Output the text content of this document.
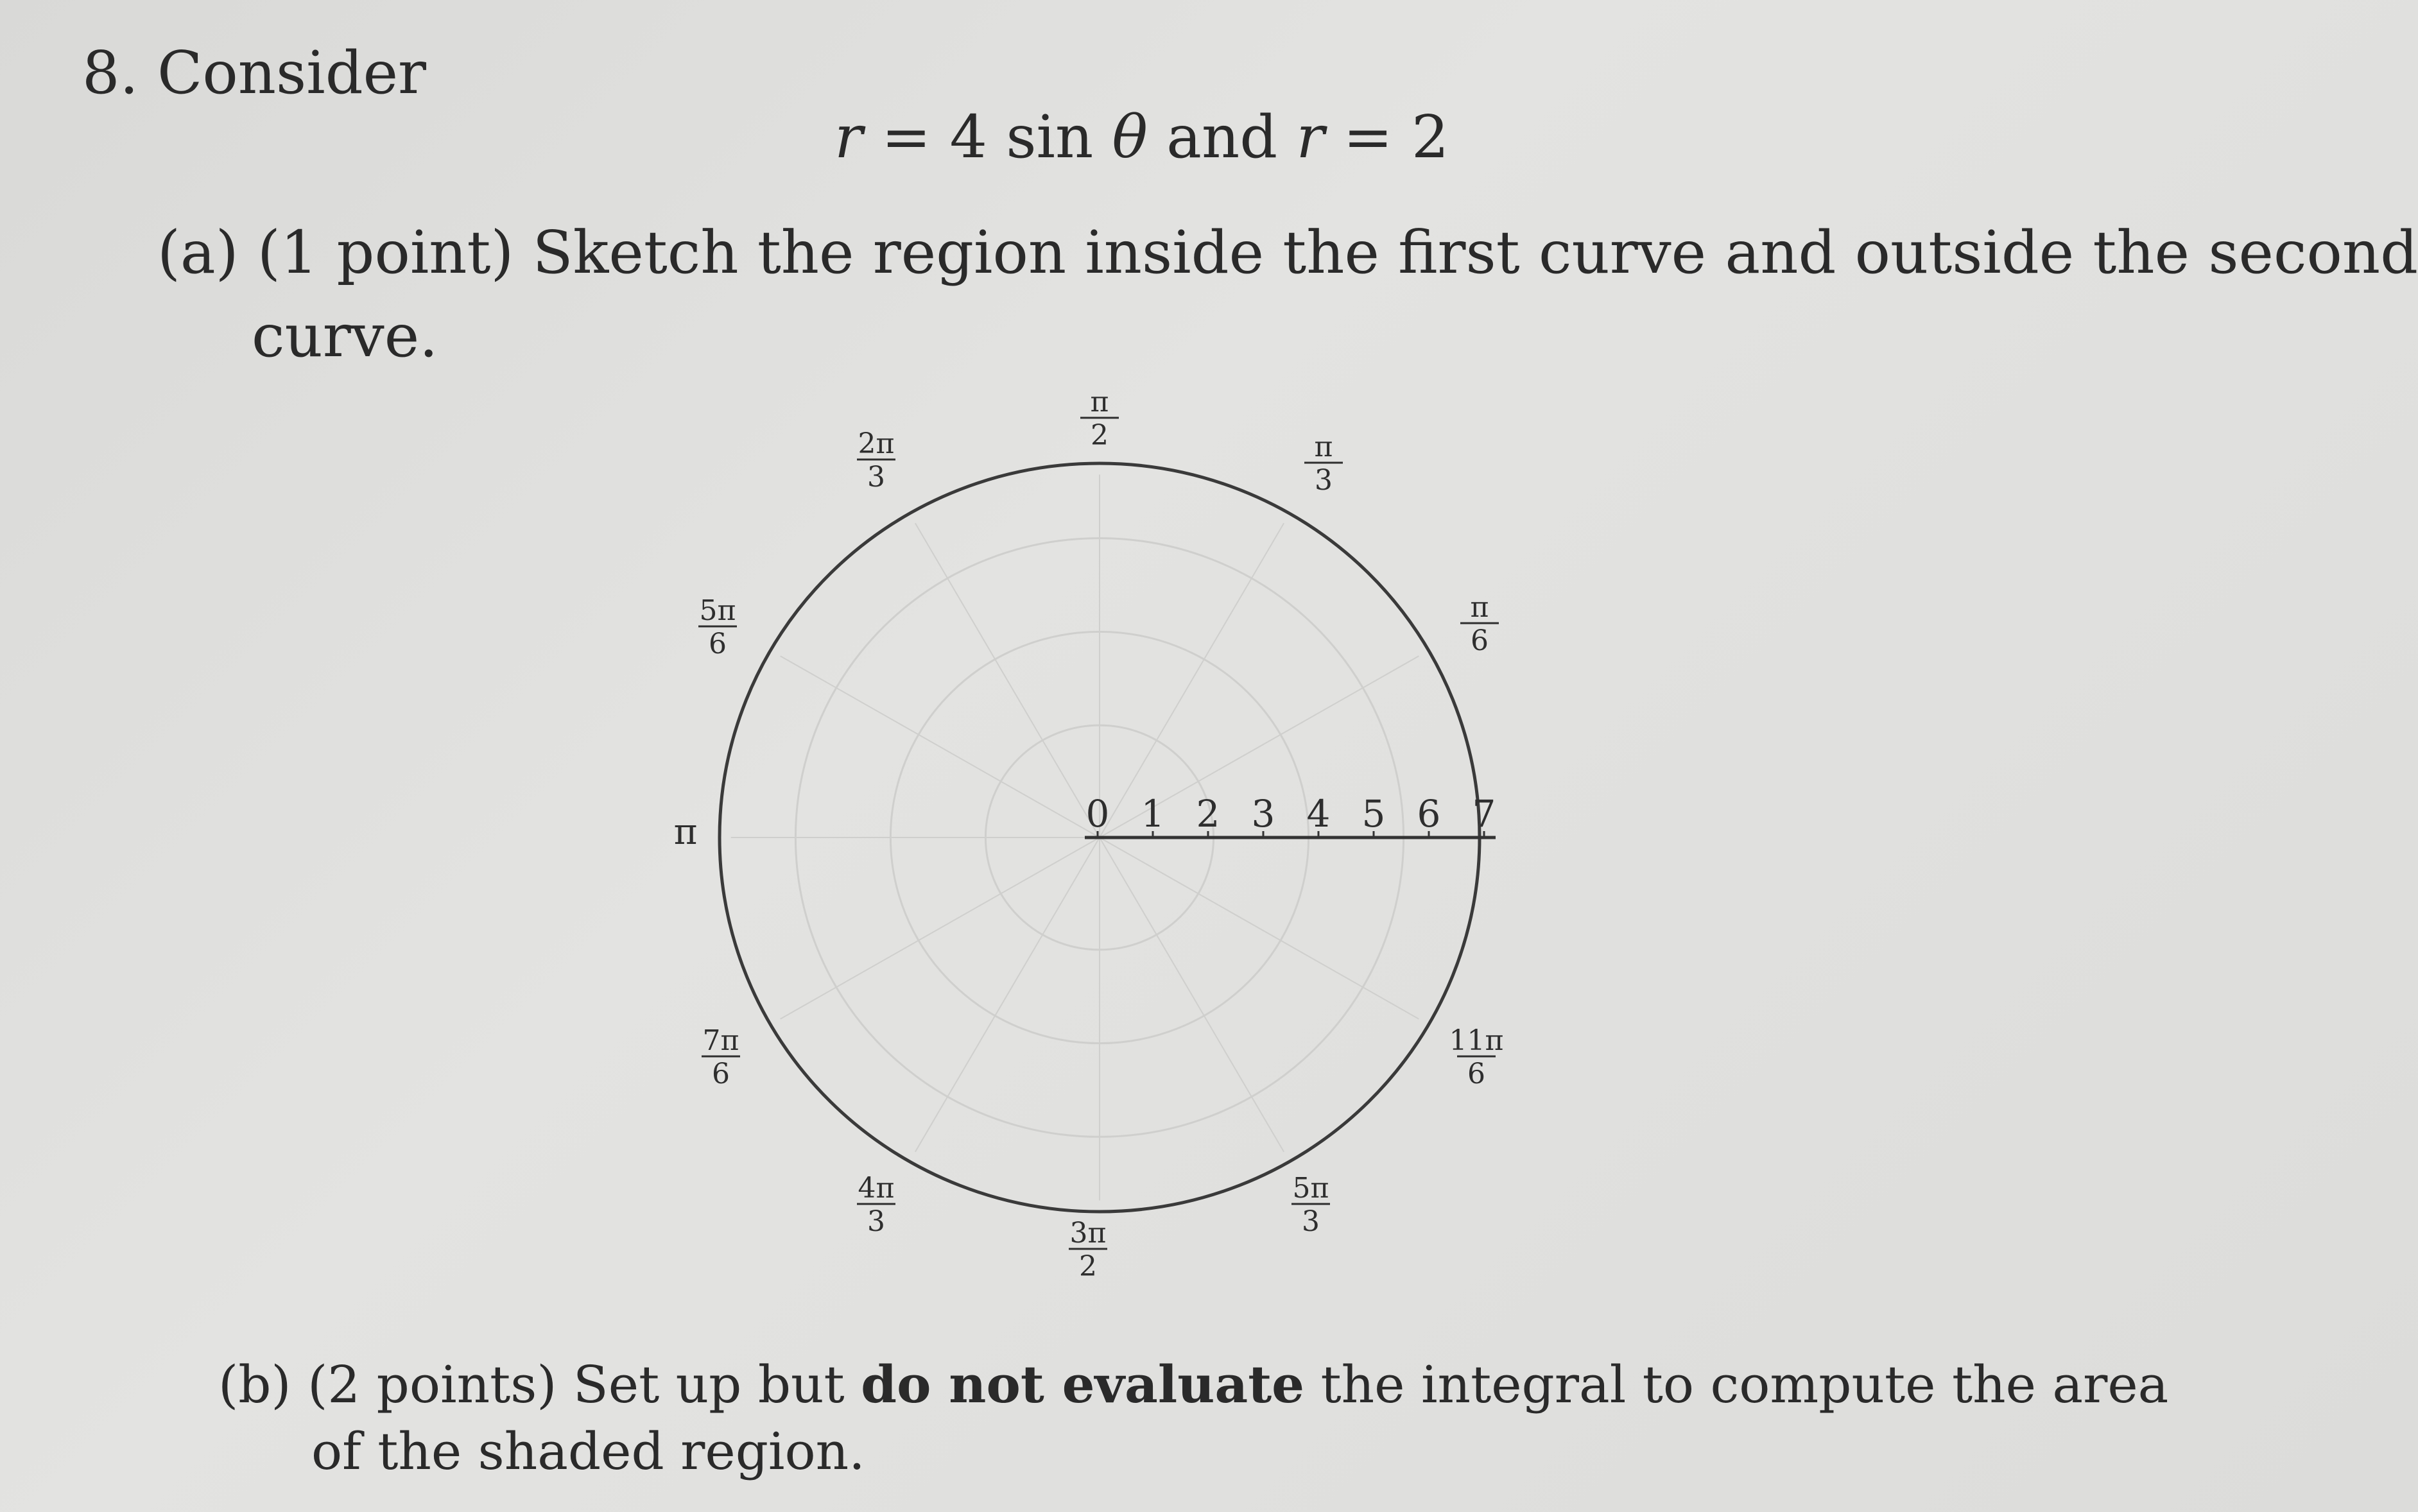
8. Consider
r = 4 sin θ and r = 2
(a) (1 point) Sketch the region inside the first curve and outside the second
curve.
0 1 2 3 4 5 6 7
π
2	π
3
π
6
11π
6
5π
3
3π
2
4π
3
7π
6
π
5π
6
2π
3
(b) (2 points) Set up but do not evaluate the integral to compute the area
of the shaded region.
